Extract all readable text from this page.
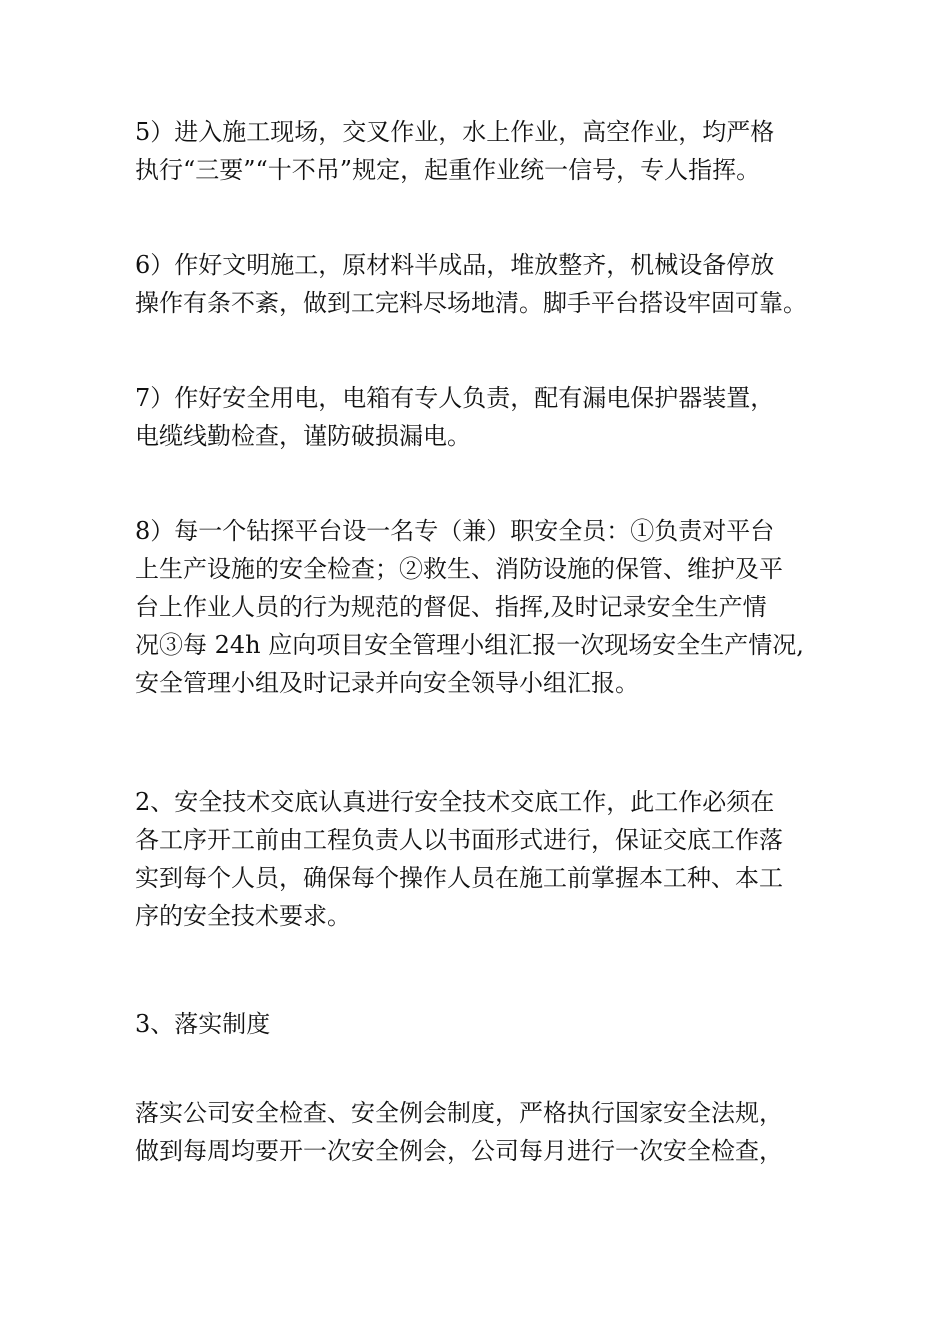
5）进入施工现场，交叉作业，水上作业，高空作业，均严格
执行“三要”“十不吊”规定，起重作业统一信号，专人指挥。
6）作好文明施工，原材料半成品，堆放整齐，机械设备停放
操作有条不紊，做到工完料尽场地清。脚手平台搭设牢固可靠。
7）作好安全用电，电箱有专人负责，配有漏电保护器装置，
电缆线勤检查，谨防破损漏电。
8）每一个钻探平台设一名专（兼）职安全员：①负责对平台
上生产设施的安全检查；②救生、消防设施的保管、维护及平
台上作业人员的行为规范的督促、指挥,及时记录安全生产情
况③每 24h 应向项目安全管理小组汇报一次现场安全生产情况,
安全管理小组及时记录并向安全领导小组汇报。
2、安全技术交底认真进行安全技术交底工作，此工作必须在
各工序开工前由工程负责人以书面形式进行，保证交底工作落
实到每个人员，确保每个操作人员在施工前掌握本工种、本工
序的安全技术要求。
3、落实制度
落实公司安全检查、安全例会制度，严格执行国家安全法规，
做到每周均要开一次安全例会，公司每月进行一次安全检查，
